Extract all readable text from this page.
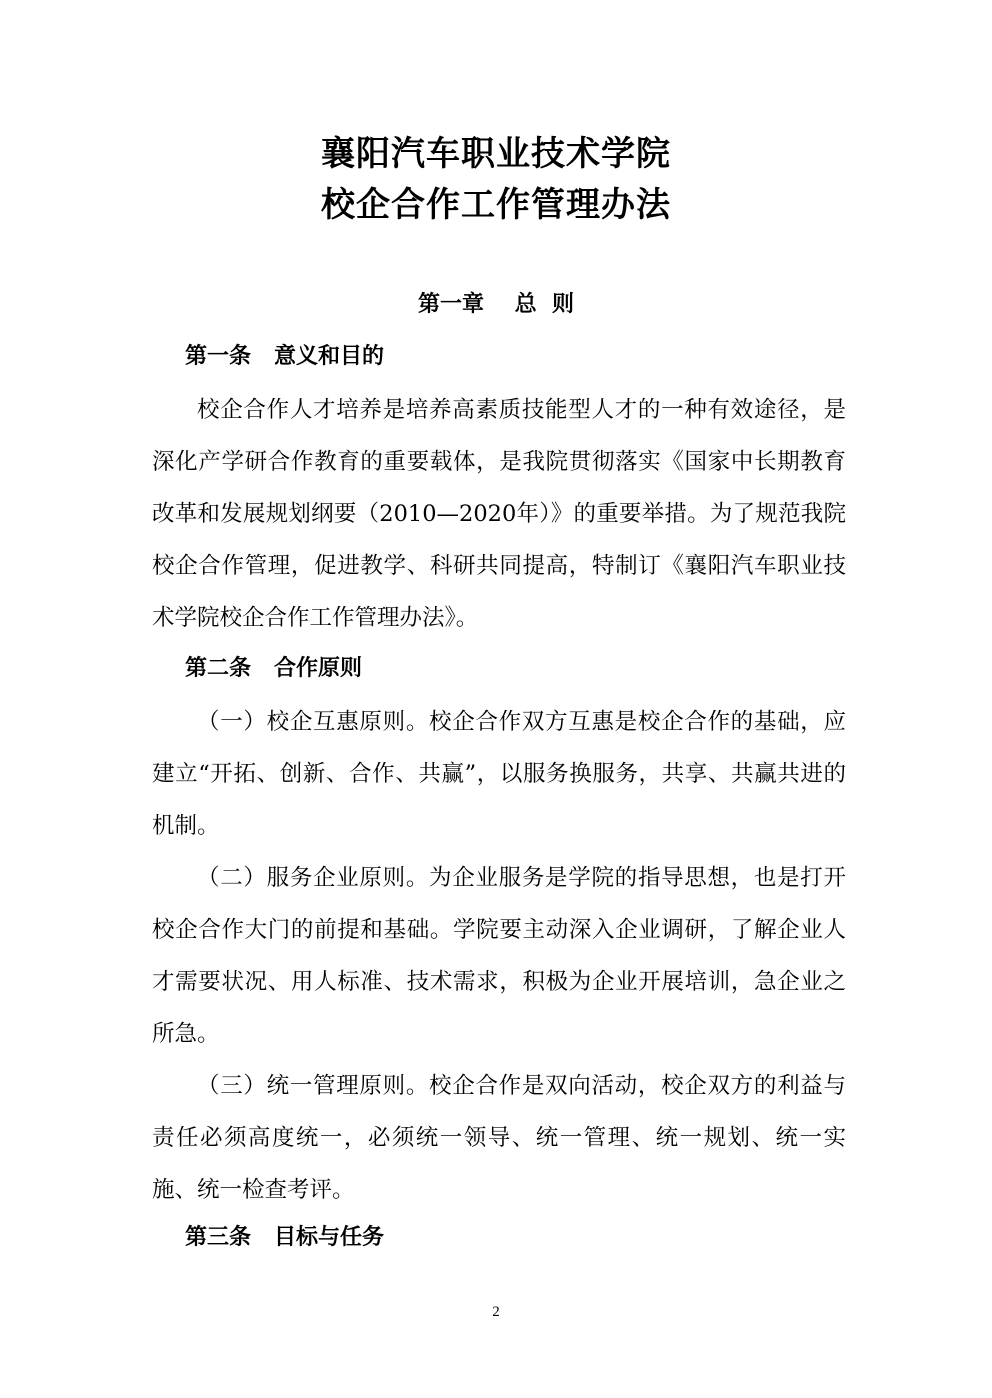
襄阳汽车职业技术学院
校企合作工作管理办法
第一章    总  则
第一条   意义和目的

校企合作人才培养是培养高素质技能型人才的一种有效途径，是深化产学研合作教育的重要载体，是我院贯彻落实《国家中长期教育改革和发展规划纲要（2010—2020年）》的重要举措。为了规范我院校企合作管理，促进教学、科研共同提高，特制订《襄阳汽车职业技术学院校企合作工作管理办法》。

第二条   合作原则

（一）校企互惠原则。校企合作双方互惠是校企合作的基础，应建立“开拓、创新、合作、共赢”，以服务换服务，共享、共赢共进的机制。

（二）服务企业原则。为企业服务是学院的指导思想，也是打开校企合作大门的前提和基础。学院要主动深入企业调研，了解企业人才需要状况、用人标准、技术需求，积极为企业开展培训，急企业之所急。

（三）统一管理原则。校企合作是双向活动，校企双方的利益与责任必须高度统一，必须统一领导、统一管理、统一规划、统一实施、统一检查考评。

第三条   目标与任务
2
